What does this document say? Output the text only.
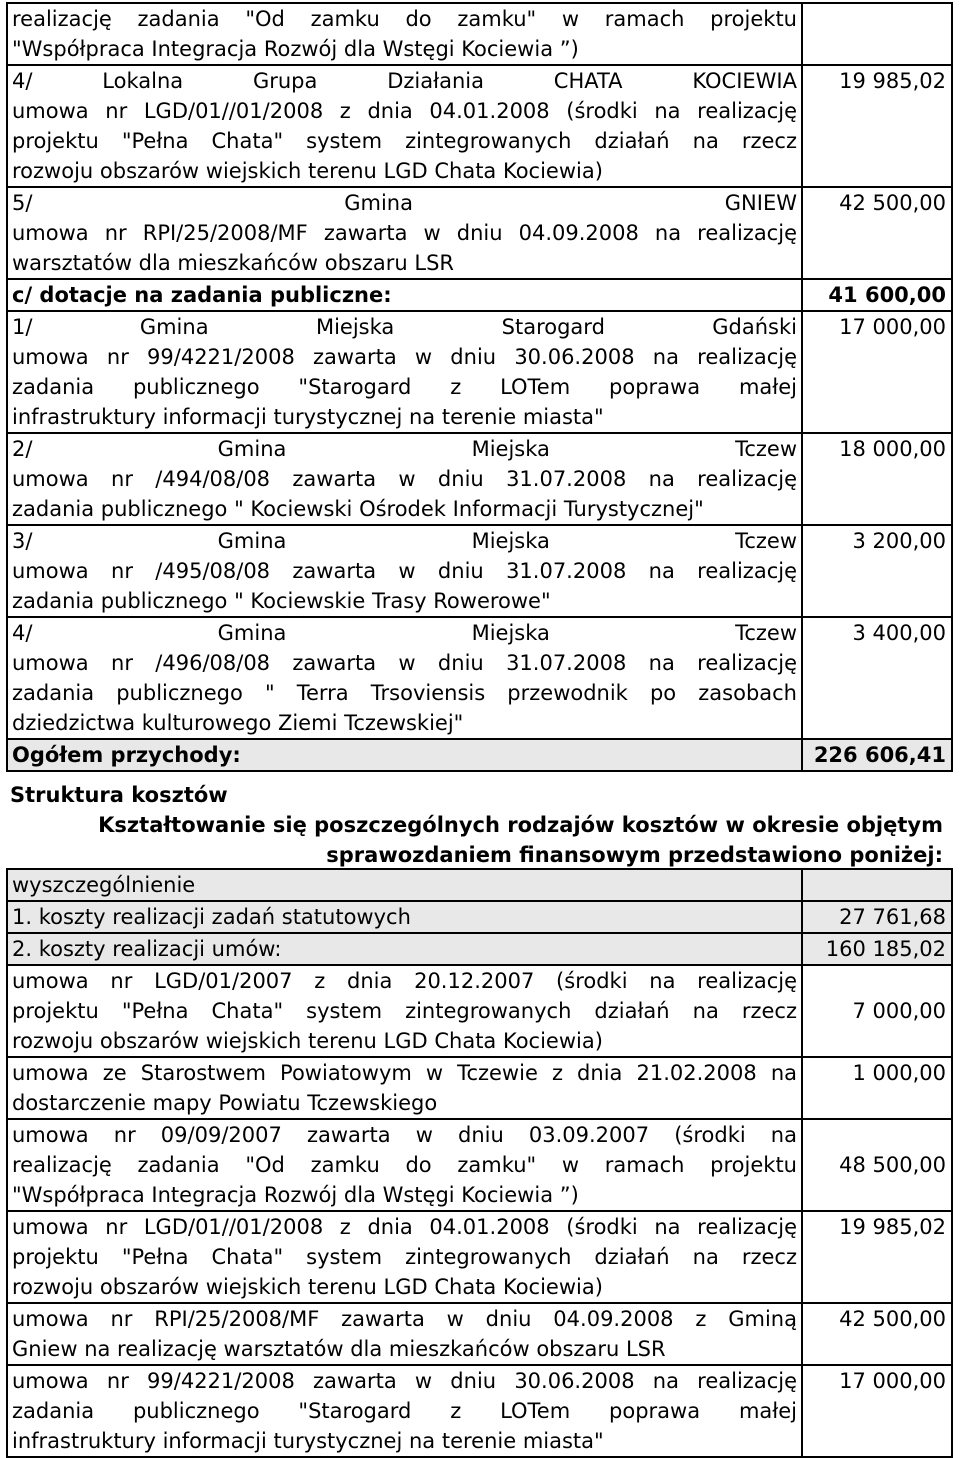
realizację zadania "Od zamku do zamku" w ramach projektu
"Współpraca Integracja Rozwój dla Wstęgi Kociewia ”)	

4/ Lokalna Grupa Działania CHATA KOCIEWIA
umowa nr LGD/01//01/2008 z dnia 04.01.2008 (środki na realizację
projektu "Pełna Chata" system zintegrowanych działań na rzecz
rozwoju obszarów wiejskich terenu LGD Chata Kociewia)	19 985,02

5/ Gmina GNIEW
umowa nr RPI/25/2008/MF zawarta w dniu 04.09.2008 na realizację
warsztatów dla mieszkańców obszaru LSR	42 500,00

c/ dotacje na zadania publiczne:	41 600,00

1/ Gmina Miejska Starogard Gdański
umowa nr 99/4221/2008 zawarta w dniu 30.06.2008 na realizację
zadania publicznego "Starogard z LOTem poprawa małej
infrastruktury informacji turystycznej na terenie miasta"	17 000,00

2/ Gmina Miejska Tczew
umowa nr /494/08/08 zawarta w dniu 31.07.2008 na realizację
zadania publicznego " Kociewski Ośrodek Informacji Turystycznej"	18 000,00

3/ Gmina Miejska Tczew
umowa nr /495/08/08 zawarta w dniu 31.07.2008 na realizację
zadania publicznego " Kociewskie Trasy Rowerowe"	3 200,00

4/ Gmina Miejska Tczew
umowa nr /496/08/08 zawarta w dniu 31.07.2008 na realizację
zadania publicznego " Terra Trsoviensis przewodnik po zasobach
dziedzictwa kulturowego Ziemi Tczewskiej"	3 400,00

Ogółem przychody:	226 606,41
Struktura kosztów
Kształtowanie się poszczególnych rodzajów kosztów w okresie objętym
sprawozdaniem finansowym przedstawiono poniżej:
wyszczególnienie	

1. koszty realizacji zadań statutowych	27 761,68

2. koszty realizacji umów:	160 185,02

umowa nr LGD/01/2007 z dnia 20.12.2007 (środki na realizację
projektu "Pełna Chata" system zintegrowanych działań na rzecz
rozwoju obszarów wiejskich terenu LGD Chata Kociewia)	7 000,00

umowa ze Starostwem Powiatowym w Tczewie z dnia 21.02.2008 na
dostarczenie mapy Powiatu Tczewskiego	1 000,00

umowa nr 09/09/2007 zawarta w dniu 03.09.2007 (środki na
realizację zadania "Od zamku do zamku" w ramach projektu
"Współpraca Integracja Rozwój dla Wstęgi Kociewia ”)	48 500,00

umowa nr LGD/01//01/2008 z dnia 04.01.2008 (środki na realizację
projektu "Pełna Chata" system zintegrowanych działań na rzecz
rozwoju obszarów wiejskich terenu LGD Chata Kociewia)	19 985,02

umowa nr RPI/25/2008/MF zawarta w dniu 04.09.2008 z Gminą
Gniew na realizację warsztatów dla mieszkańców obszaru LSR	42 500,00

umowa nr 99/4221/2008 zawarta w dniu 30.06.2008 na realizację
zadania publicznego "Starogard z LOTem poprawa małej
infrastruktury informacji turystycznej na terenie miasta"	17 000,00
